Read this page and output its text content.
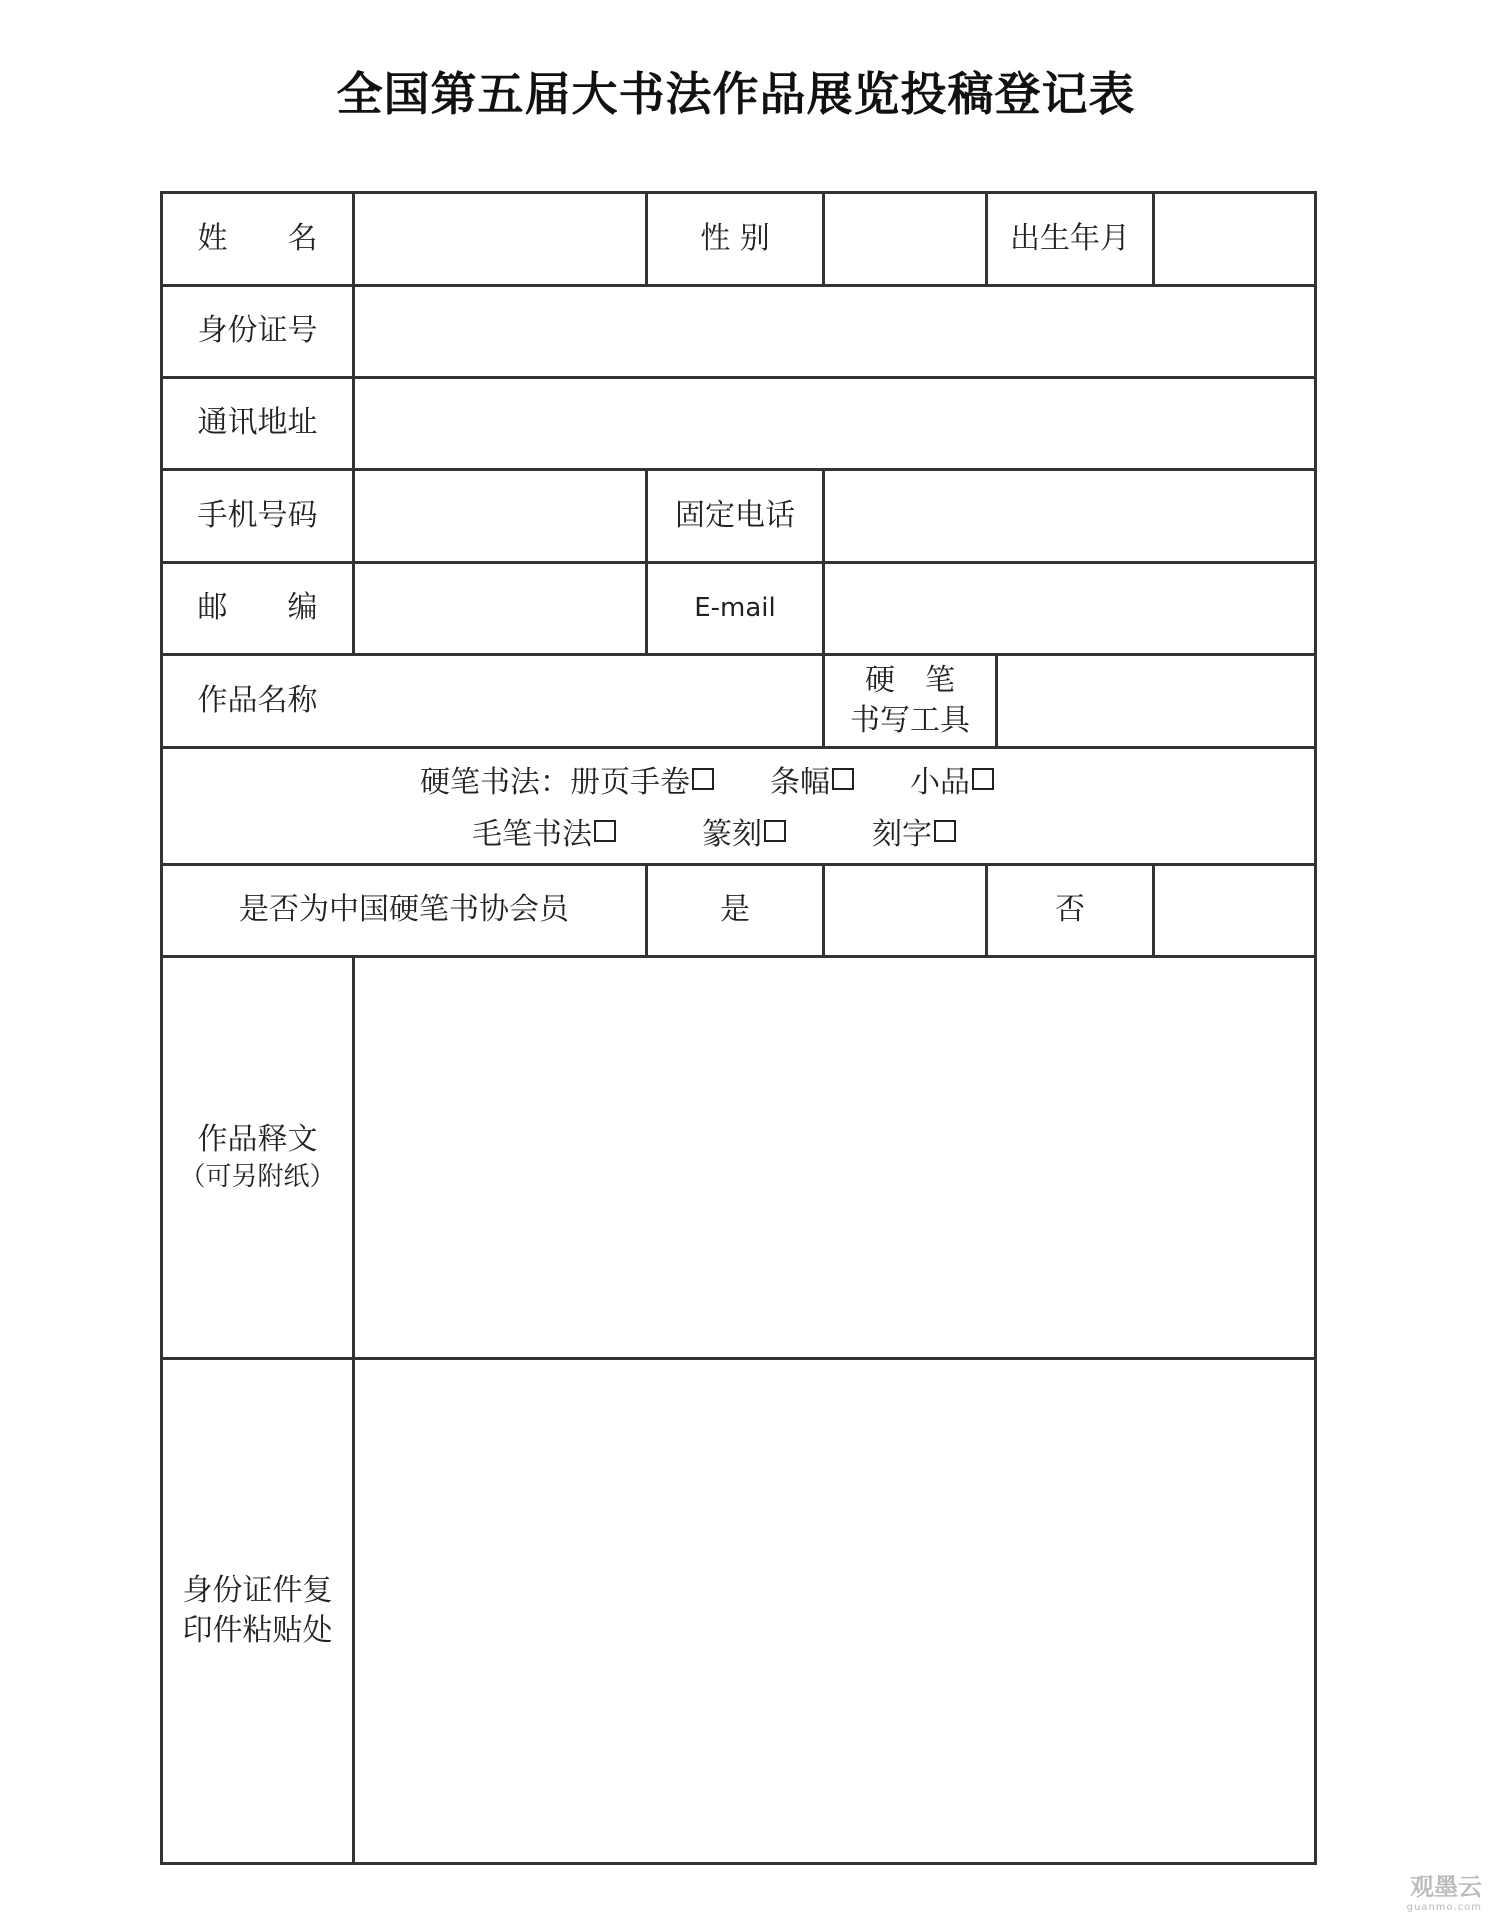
全国第五届大书法作品展览投稿登记表
姓　　名	性 别	出生年月
身份证号
通讯地址
手机号码	固定电话
邮　　编	E-mail
作品名称
硬　笔
书写工具
硬笔书法： 册页手卷	条幅	小品
毛笔书法	篆刻	刻字
是否为中国硬笔书协会员	是	否
作品释文
（可另附纸）
身份证件复
印件粘贴处
观墨云
guanmo.com
